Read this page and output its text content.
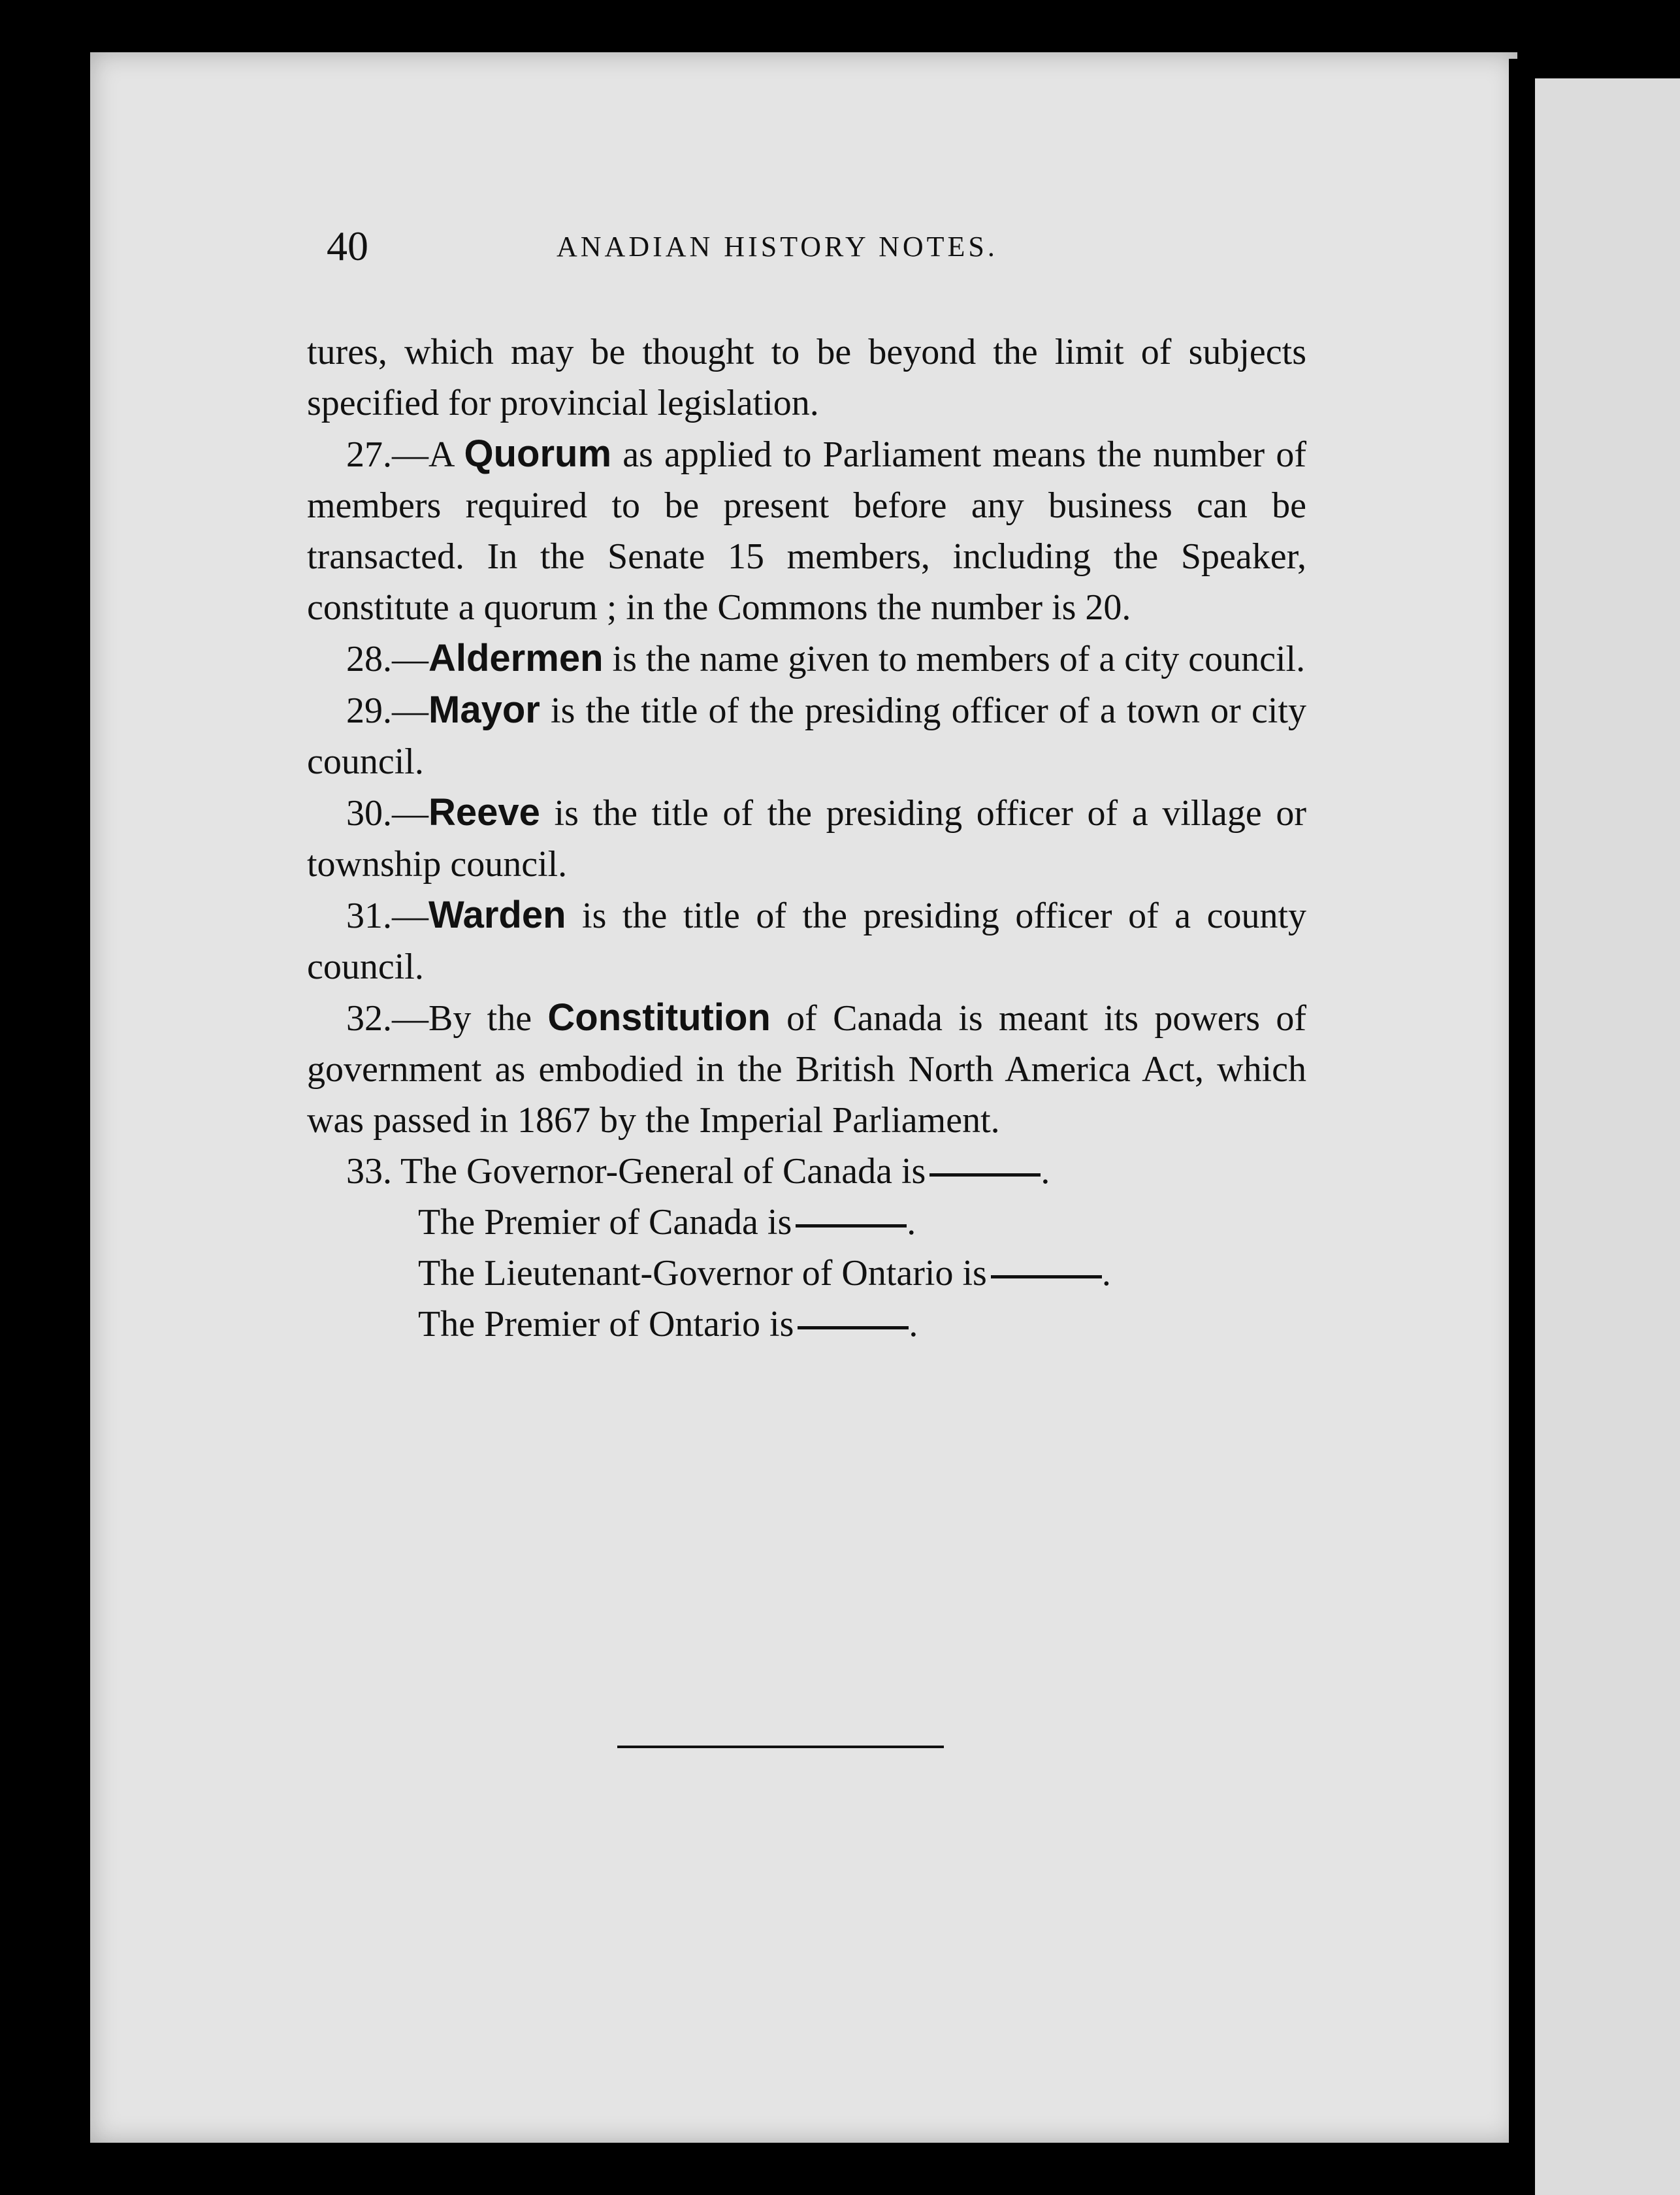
40	ANADIAN HISTORY NOTES.

tures, which may be thought to be beyond the limit of subjects specified for provincial legislation.

27.—A Quorum as applied to Parliament means the number of members required to be present before any business can be transacted. In the Senate 15 members, including the Speaker, constitute a quorum ; in the Commons the number is 20.

28.—Aldermen is the name given to members of a city council.

29.—Mayor is the title of the presiding officer of a town or city council.

30.—Reeve is the title of the presiding officer of a village or township council.

31.—Warden is the title of the presiding officer of a county council.

32.—By the Constitution of Canada is meant its powers of government as embodied in the British North America Act, which was passed in 1867 by the Imperial Parliament.

33. The Governor-General of Canada is	.

The Premier of Canada is	.

The Lieutenant-Governor of Ontario is	.

The Premier of Ontario is	.
